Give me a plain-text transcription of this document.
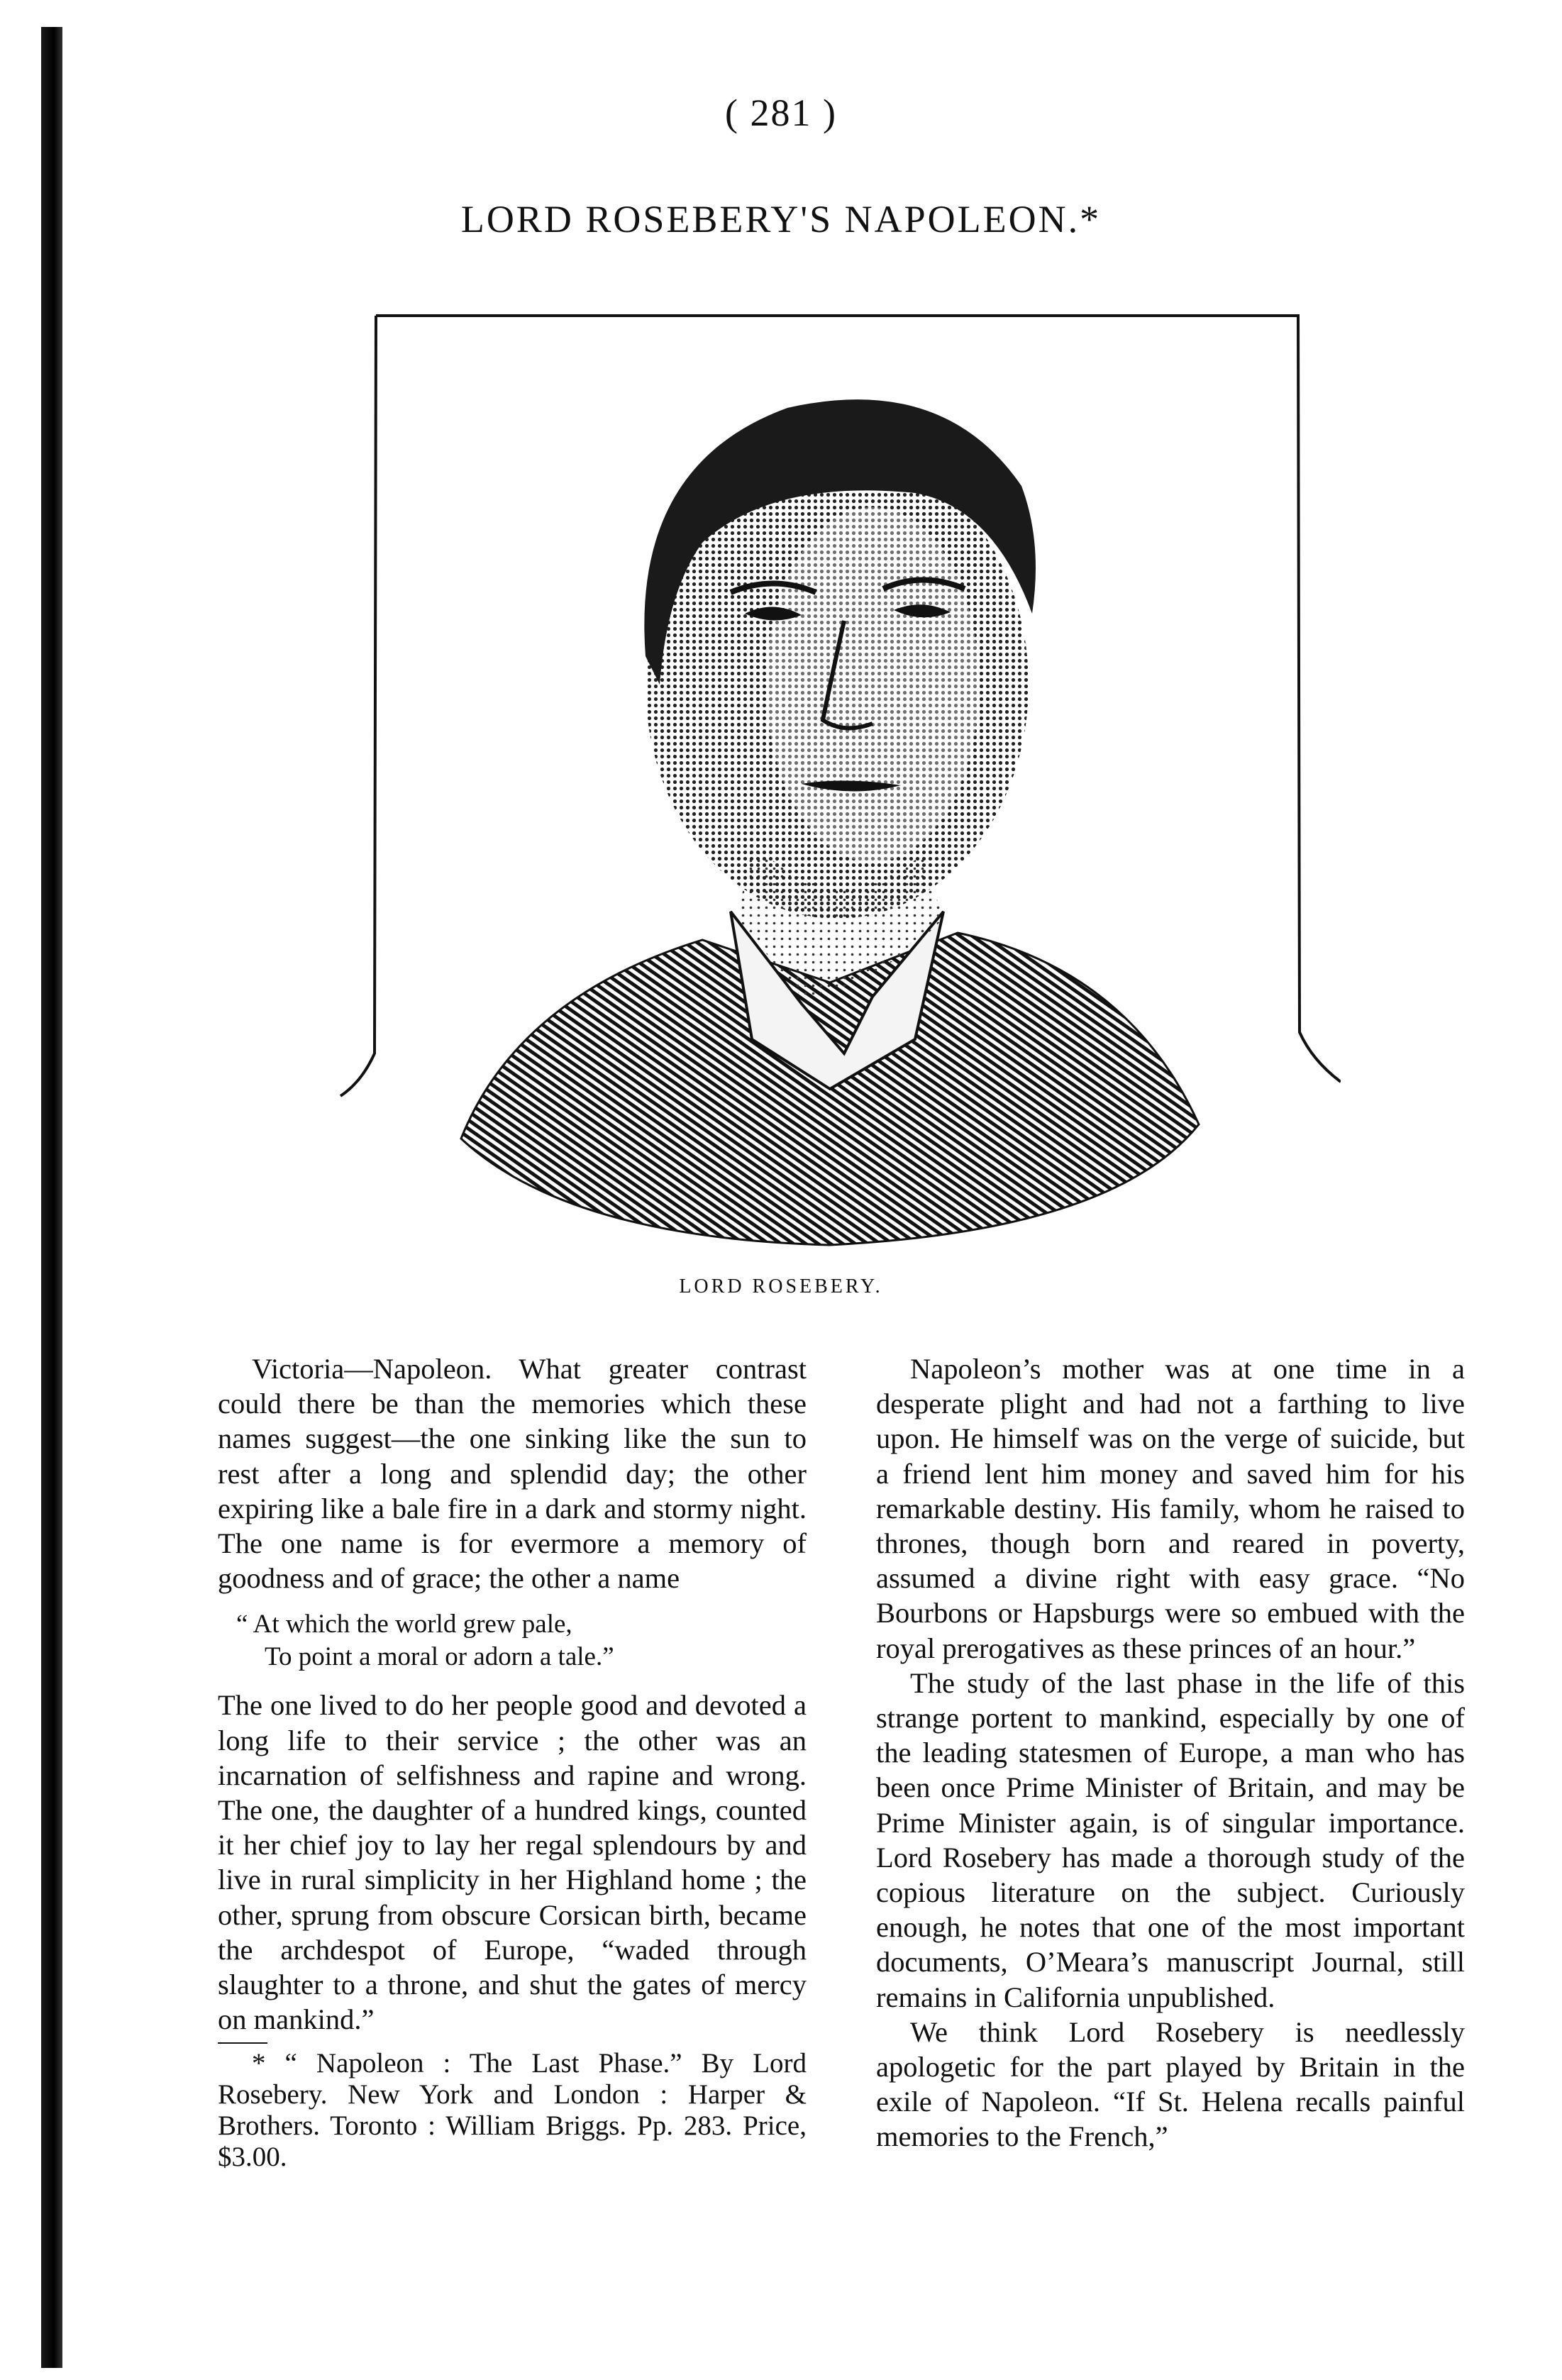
( 281 )
LORD ROSEBERY'S NAPOLEON.*
LORD ROSEBERY.

Victoria—Napoleon. What greater contrast could there be than the memories which these names suggest—the one sinking like the sun to rest after a long and splendid day; the other expiring like a bale fire in a dark and stormy night. The one name is for evermore a memory of goodness and of grace; the other a name

“ At which the world grew pale,
To point a moral or adorn a tale.”

The one lived to do her people good and devoted a long life to their service ; the other was an incarnation of selfishness and rapine and wrong. The one, the daughter of a hundred kings, counted it her chief joy to lay her regal splendours by and live in rural simplicity in her Highland home ; the other, sprung from obscure Corsican birth, became the archdespot of Europe, “waded through slaughter to a throne, and shut the gates of mercy on mankind.”

* “ Napoleon : The Last Phase.” By Lord Rosebery. New York and London : Harper & Brothers. Toronto : William Briggs. Pp. 283. Price, $3.00.

Napoleon’s mother was at one time in a desperate plight and had not a farthing to live upon. He himself was on the verge of suicide, but a friend lent him money and saved him for his remarkable destiny. His family, whom he raised to thrones, though born and reared in poverty, assumed a divine right with easy grace. “No Bourbons or Hapsburgs were so embued with the royal prerogatives as these princes of an hour.”

The study of the last phase in the life of this strange portent to mankind, especially by one of the leading statesmen of Europe, a man who has been once Prime Minister of Britain, and may be Prime Minister again, is of singular importance. Lord Rosebery has made a thorough study of the copious literature on the subject. Curiously enough, he notes that one of the most important documents, O’Meara’s manuscript Journal, still remains in California unpublished.

We think Lord Rosebery is needlessly apologetic for the part played by Britain in the exile of Napoleon. “If St. Helena recalls painful memories to the French,”
